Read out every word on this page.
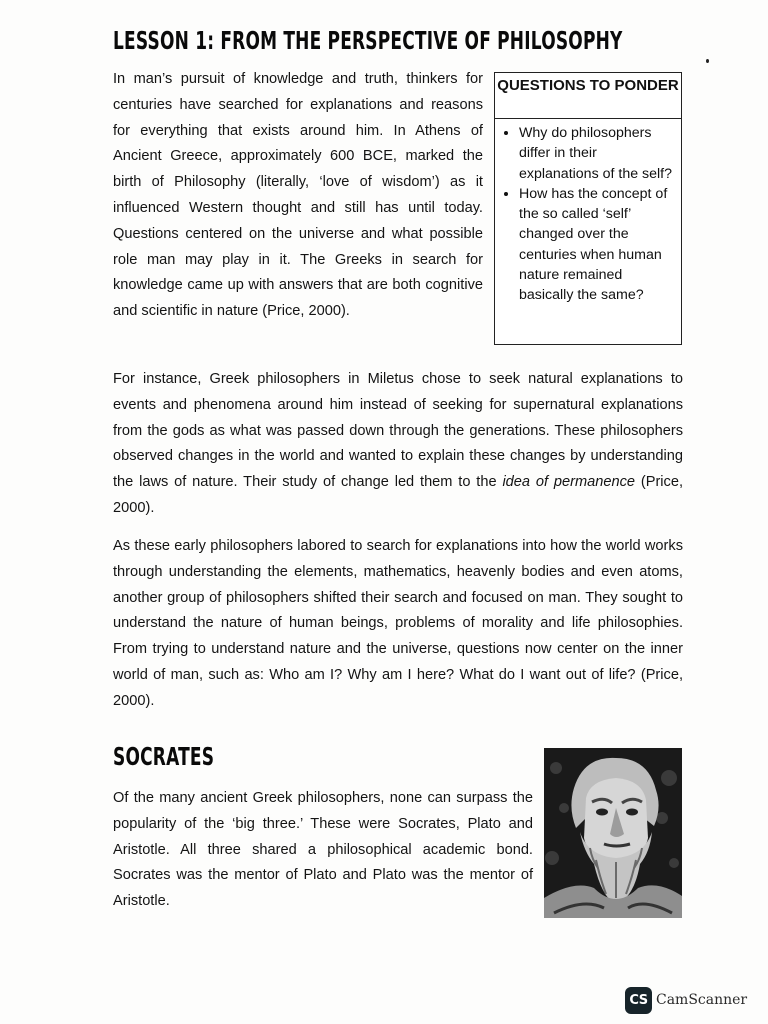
LESSON 1: FROM THE PERSPECTIVE OF PHILOSOPHY

In man’s pursuit of knowledge and truth, thinkers for centuries have searched for explanations and reasons for everything that exists around him. In Athens of Ancient Greece, approximately 600 BCE, marked the birth of Philosophy (literally, ‘love of wisdom’) as it influenced Western thought and still has until today. Questions centered on the universe and what possible role man may play in it. The Greeks in search for knowledge came up with answers that are both cognitive and scientific in nature (Price, 2000).

QUESTIONS TO PONDER
• Why do philosophers differ in their explanations of the self?
• How has the concept of the so called ‘self’ changed over the centuries when human nature remained basically the same?

For instance, Greek philosophers in Miletus chose to seek natural explanations to events and phenomena around him instead of seeking for supernatural explanations from the gods as what was passed down through the generations. These philosophers observed changes in the world and wanted to explain these changes by understanding the laws of nature. Their study of change led them to the idea of permanence (Price, 2000).

As these early philosophers labored to search for explanations into how the world works through understanding the elements, mathematics, heavenly bodies and even atoms, another group of philosophers shifted their search and focused on man. They sought to understand the nature of human beings, problems of morality and life philosophies. From trying to understand nature and the universe, questions now center on the inner world of man, such as: Who am I? Why am I here? What do I want out of life? (Price, 2000).

SOCRATES

Of the many ancient Greek philosophers, none can surpass the popularity of the ‘big three.’ These were Socrates, Plato and Aristotle. All three shared a philosophical academic bond. Socrates was the mentor of Plato and Plato was the mentor of Aristotle.

CS CamScanner
